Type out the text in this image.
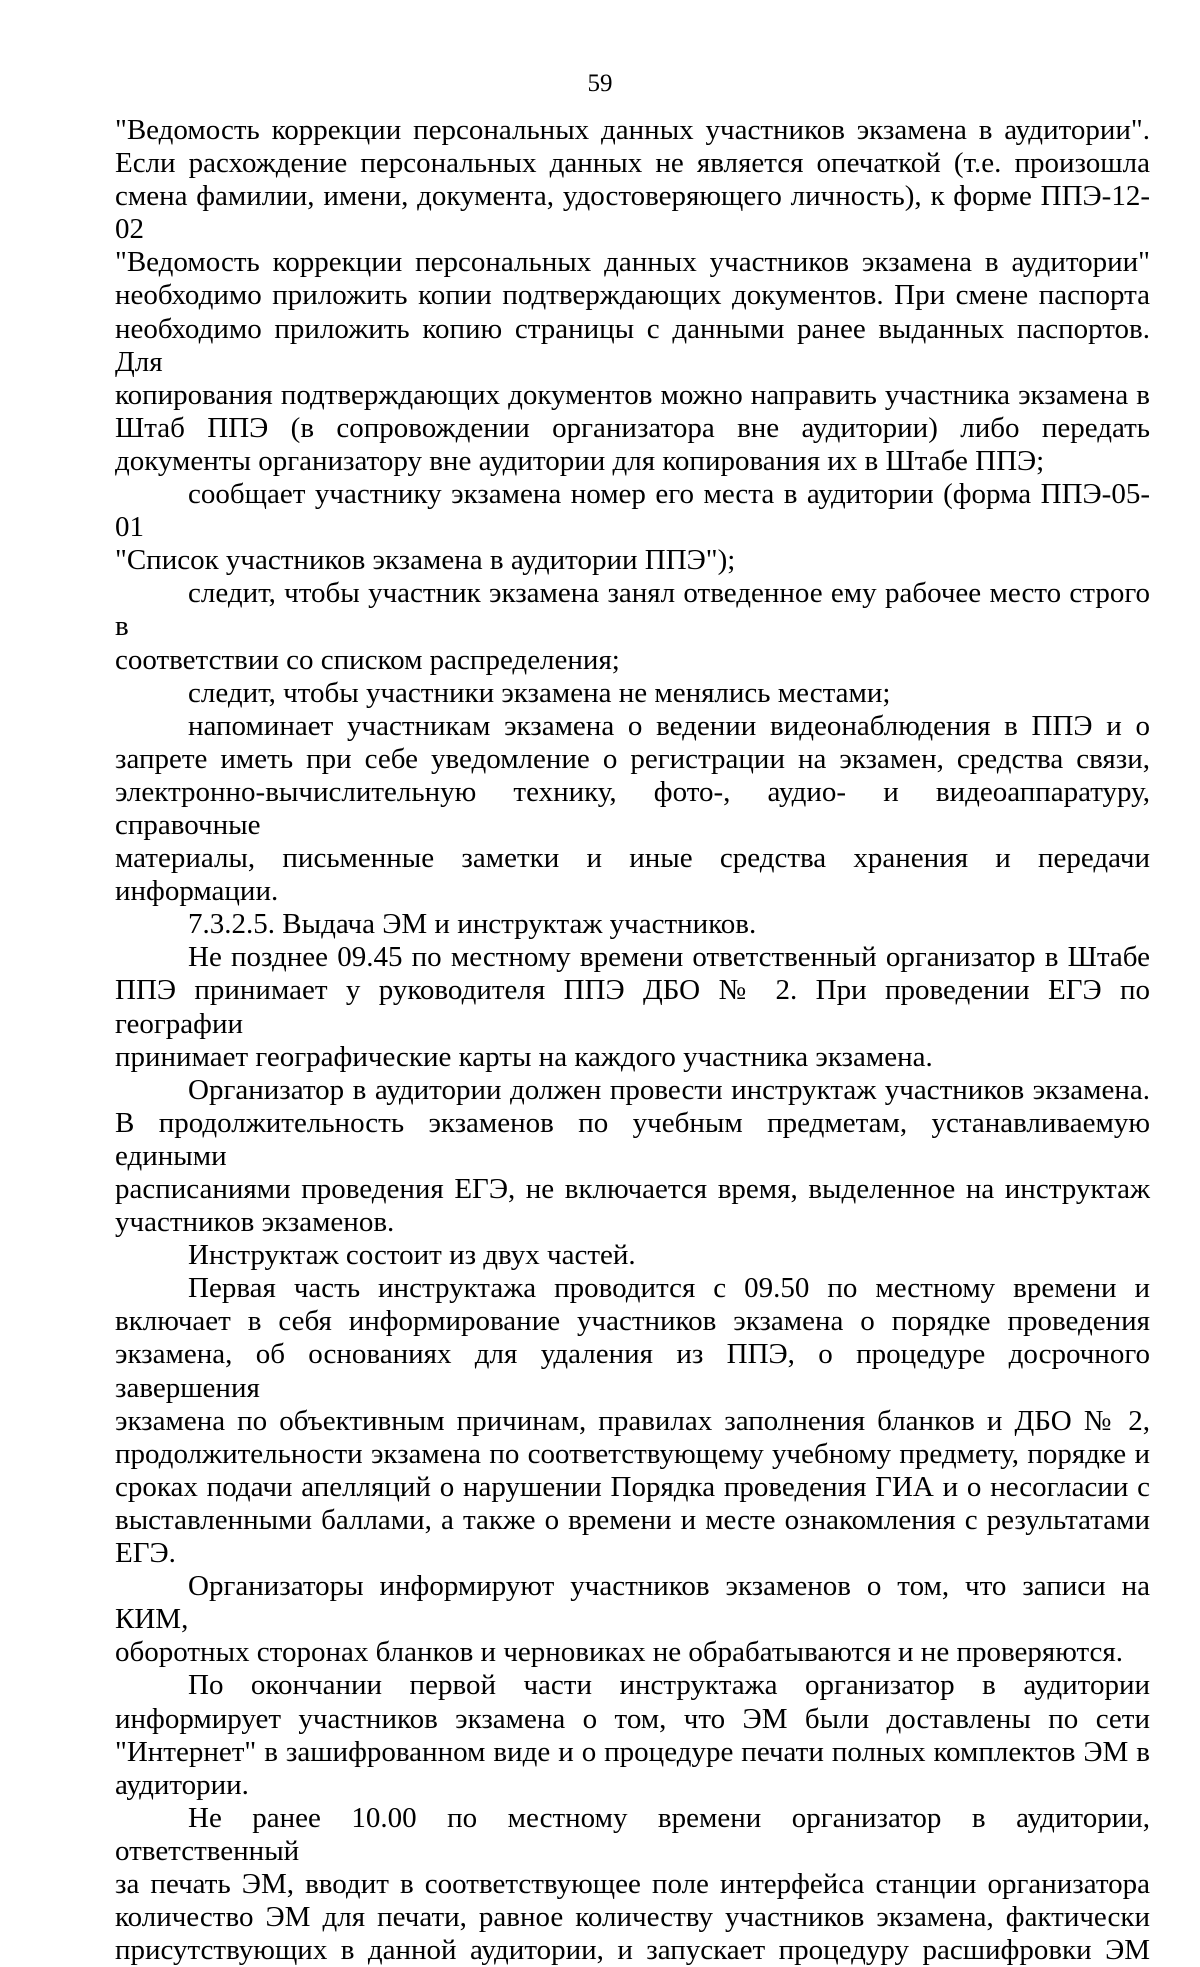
59

"Ведомость коррекции персональных данных участников экзамена в аудитории".

Если расхождение персональных данных не является опечаткой (т.е. произошла

смена фамилии, имени, документа, удостоверяющего личность), к форме ППЭ-12-02

"Ведомость коррекции персональных данных участников экзамена в аудитории"

необходимо приложить копии подтверждающих документов. При смене паспорта

необходимо приложить копию страницы с данными ранее выданных паспортов. Для

копирования подтверждающих документов можно направить участника экзамена в

Штаб ППЭ (в сопровождении организатора вне аудитории) либо передать

документы организатору вне аудитории для копирования их в Штабе ППЭ;

сообщает участнику экзамена номер его места в аудитории (форма ППЭ-05-01

"Список участников экзамена в аудитории ППЭ");

следит, чтобы участник экзамена занял отведенное ему рабочее место строго в

соответствии со списком распределения;

следит, чтобы участники экзамена не менялись местами;

напоминает участникам экзамена о ведении видеонаблюдения в ППЭ и о

запрете иметь при себе уведомление о регистрации на экзамен, средства связи,

электронно-вычислительную технику, фото-, аудио- и видеоаппаратуру, справочные

материалы, письменные заметки и иные средства хранения и передачи информации.

7.3.2.5. Выдача ЭМ и инструктаж участников.

Не позднее 09.45 по местному времени ответственный организатор в Штабе

ППЭ принимает у руководителя ППЭ ДБО № 2. При проведении ЕГЭ по географии

принимает географические карты на каждого участника экзамена.

Организатор в аудитории должен провести инструктаж участников экзамена.

В продолжительность экзаменов по учебным предметам, устанавливаемую едиными

расписаниями проведения ЕГЭ, не включается время, выделенное на инструктаж

участников экзаменов.

Инструктаж состоит из двух частей.

Первая часть инструктажа проводится с 09.50 по местному времени и

включает в себя информирование участников экзамена о порядке проведения

экзамена, об основаниях для удаления из ППЭ, о процедуре досрочного завершения

экзамена по объективным причинам, правилах заполнения бланков и ДБО № 2,

продолжительности экзамена по соответствующему учебному предмету, порядке и

сроках подачи апелляций о нарушении Порядка проведения ГИА и о несогласии с

выставленными баллами, а также о времени и месте ознакомления с результатами

ЕГЭ.

Организаторы информируют участников экзаменов о том, что записи на КИМ,

оборотных сторонах бланков и черновиках не обрабатываются и не проверяются.

По окончании первой части инструктажа организатор в аудитории

информирует участников экзамена о том, что ЭМ были доставлены по сети

"Интернет" в зашифрованном виде и о процедуре печати полных комплектов ЭМ в

аудитории.

Не ранее 10.00 по местному времени организатор в аудитории, ответственный

за печать ЭМ, вводит в соответствующее поле интерфейса станции организатора

количество ЭМ для печати, равное количеству участников экзамена, фактически

присутствующих в данной аудитории, и запускает процедуру расшифровки ЭМ
